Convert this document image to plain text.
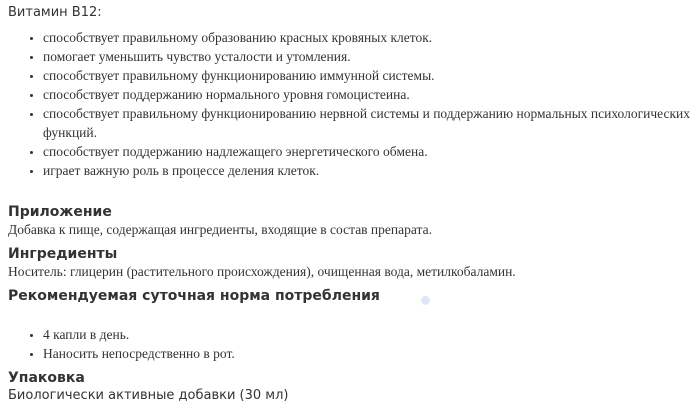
Витамин B12:

• способствует правильному образованию красных кровяных клеток.
• помогает уменьшить чувство усталости и утомления.
• способствует правильному функционированию иммунной системы.
• способствует поддержанию нормального уровня гомоцистеина.
• способствует правильному функционированию нервной системы и поддержанию нормальных психологических функций.
• способствует поддержанию надлежащего энергетического обмена.
• играет важную роль в процессе деления клеток.
Приложение

Добавка к пище, содержащая ингредиенты, входящие в состав препарата.

Ингредиенты

Носитель: глицерин (растительного происхождения), очищенная вода, метилкобаламин.

Рекомендуемая суточная норма потребления
• 4 капли в день.
• Наносить непосредственно в рот.
Упаковка

Биологически активные добавки (30 мл)
